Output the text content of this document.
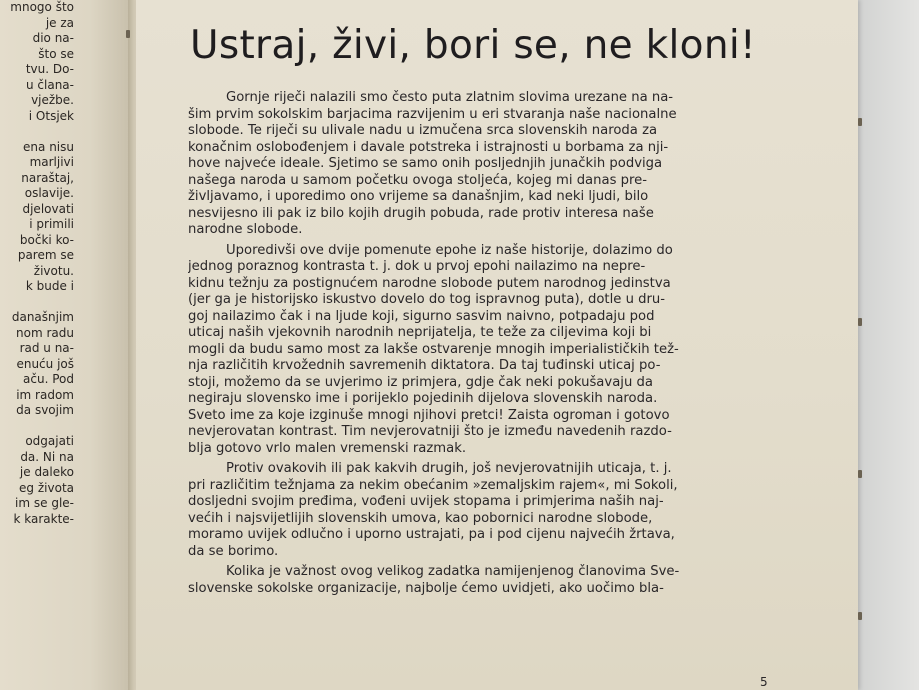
mnogo što
je za
dio na-
što se
tvu. Do-
u člana-
vježbe.
i Otsjek
ena nisu
marljivi
naraštaj,
oslavije.
djelovati
i primili
bočki ko-
parem se
životu.
k bude i
današnjim
nom radu
rad u na-
enuću još
aču. Pod
im radom
da svojim
odgajati
da. Ni na
je daleko
eg života
im se gle-
k karakte-
Ustraj, živi, bori se, ne kloni!
Gornje riječi nalazili smo često puta zlatnim slovima urezane na na-
šim prvim sokolskim barjacima razvijenim u eri stvaranja naše nacionalne
slobode. Te riječi su ulivale nadu u izmučena srca slovenskih naroda za
konačnim oslobođenjem i davale potstreka i istrajnosti u borbama za nji-
hove najveće ideale. Sjetimo se samo onih posljednjih junačkih podviga
našega naroda u samom početku ovoga stoljeća, kojeg mi danas pre-
življavamo, i uporedimo ono vrijeme sa današnjim, kad neki ljudi, bilo
nesvijesno ili pak iz bilo kojih drugih pobuda, rade protiv interesa naše
narodne slobode.
Uporedivši ove dvije pomenute epohe iz naše historije, dolazimo do
jednog poraznog kontrasta t. j. dok u prvoj epohi nailazimo na nepre-
kidnu težnju za postignućem narodne slobode putem narodnog jedinstva
(jer ga je historijsko iskustvo dovelo do tog ispravnog puta), dotle u dru-
goj nailazimo čak i na ljude koji, sigurno sasvim naivno, potpadaju pod
uticaj naših vjekovnih narodnih neprijatelja, te teže za ciljevima koji bi
mogli da budu samo most za lakše ostvarenje mnogih imperialističkih tež-
nja različitih krvožednih savremenih diktatora. Da taj tuđinski uticaj po-
stoji, možemo da se uvjerimo iz primjera, gdje čak neki pokušavaju da
negiraju slovensko ime i porijeklo pojedinih dijelova slovenskih naroda.
Sveto ime za koje izginuše mnogi njihovi pretci! Zaista ogroman i gotovo
nevjerovatan kontrast. Tim nevjerovatniji što je između navedenih razdo-
blja gotovo vrlo malen vremenski razmak.
Protiv ovakovih ili pak kakvih drugih, još nevjerovatnijih uticaja, t. j.
pri različitim težnjama za nekim obećanim »zemaljskim rajem«, mi Sokoli,
dosljedni svojim pređima, vođeni uvijek stopama i primjerima naših naj-
većih i najsvijetlijih slovenskih umova, kao pobornici narodne slobode,
moramo uvijek odlučno i uporno ustrajati, pa i pod cijenu najvećih žrtava,
da se borimo.
Kolika je važnost ovog velikog zadatka namijenjenog članovima Sve-
slovenske sokolske organizacije, najbolje ćemo uvidjeti, ako uočimo bla-
5
